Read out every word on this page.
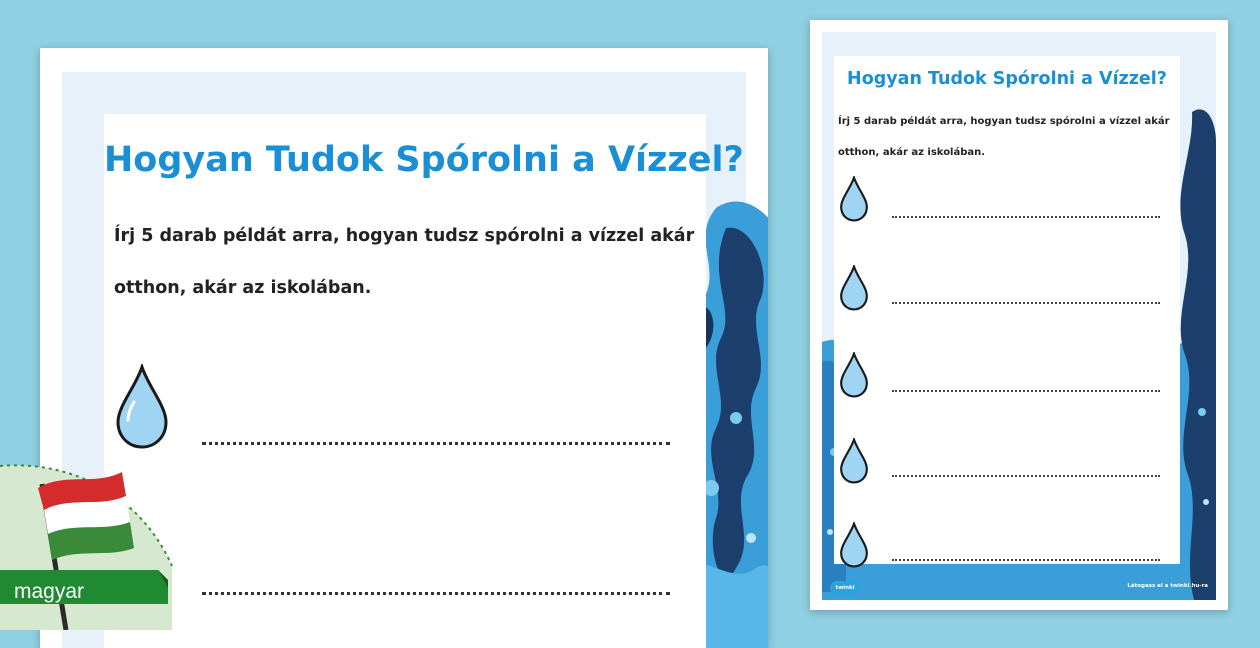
Hogyan Tudok Spórolni a Vízzel?
Írj 5 darab példát arra, hogyan tudsz spórolni a vízzel akár
otthon, akár az iskolában.
Hogyan Tudok Spórolni a Vízzel?
Írj 5 darab példát arra, hogyan tudsz spórolni a vízzel akár
otthon, akár az iskolában.
twinkl	Látogass el a twinkl.hu-ra
magyar
